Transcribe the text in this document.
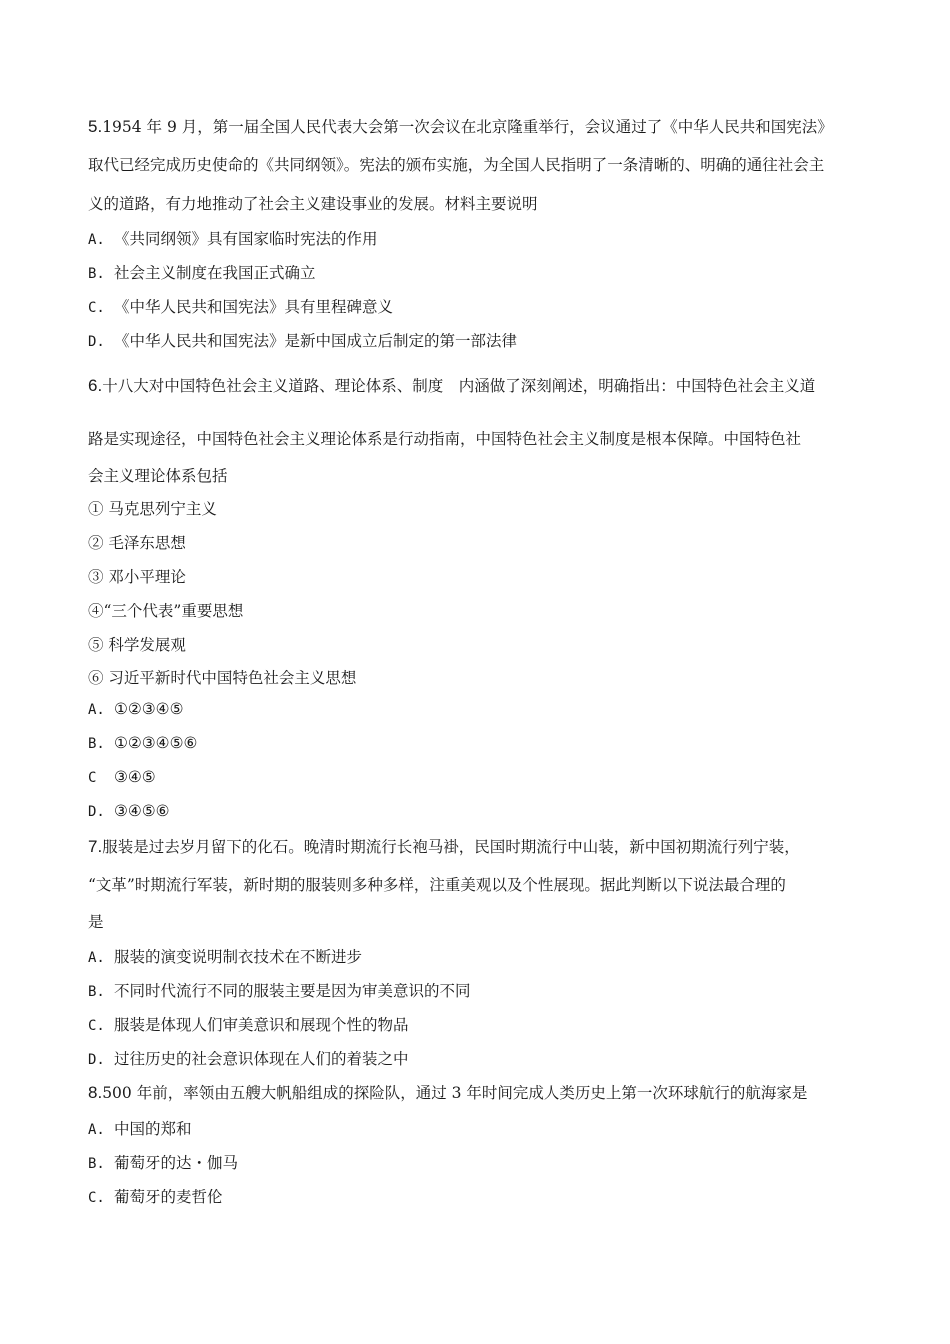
5.1954 年 9 月，第一届全国人民代表大会第一次会议在北京隆重举行，会议通过了《中华人民共和国宪法》
取代已经完成历史使命的《共同纲领》。宪法的颁布实施，为全国人民指明了一条清晰的、明确的通往社会主
义的道路，有力地推动了社会主义建设事业的发展。材料主要说明
A. 《共同纲领》具有国家临时宪法的作用
B. 社会主义制度在我国正式确立
C. 《中华人民共和国宪法》具有里程碑意义
D. 《中华人民共和国宪法》是新中国成立后制定的第一部法律
6.十八大对中国特色社会主义道路、理论体系、制度　内涵做了深刻阐述，明确指出：中国特色社会主义道
路是实现途径，中国特色社会主义理论体系是行动指南，中国特色社会主义制度是根本保障。中国特色社
会主义理论体系包括
① 马克思列宁主义
② 毛泽东思想
③ 邓小平理论
④“三个代表”重要思想
⑤ 科学发展观
⑥ 习近平新时代中国特色社会主义思想
A. ①②③④⑤
B. ①②③④⑤⑥
C ③④⑤
D. ③④⑤⑥
7.服装是过去岁月留下的化石。晚清时期流行长袍马褂，民国时期流行中山装，新中国初期流行列宁装，
“文革”时期流行军装，新时期的服装则多种多样，注重美观以及个性展现。据此判断以下说法最合理的
是
A. 服装的演变说明制衣技术在不断进步
B. 不同时代流行不同的服装主要是因为审美意识的不同
C. 服装是体现人们审美意识和展现个性的物品
D. 过往历史的社会意识体现在人们的着装之中
8.500 年前，率领由五艘大帆船组成的探险队，通过 3 年时间完成人类历史上第一次环球航行的航海家是
A. 中国的郑和
B. 葡萄牙的达・伽马
C. 葡萄牙的麦哲伦
